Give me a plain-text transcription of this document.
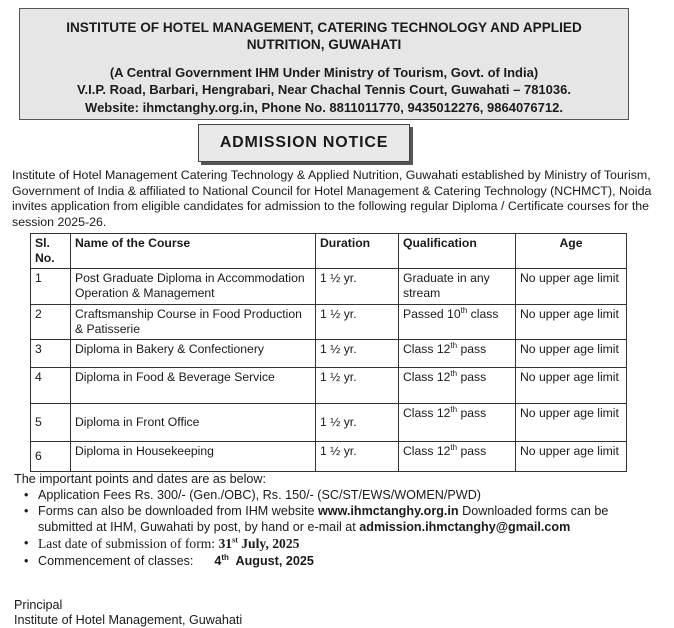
INSTITUTE OF HOTEL MANAGEMENT, CATERING TECHNOLOGY AND APPLIED NUTRITION, GUWAHATI
(A Central Government IHM Under Ministry of Tourism, Govt. of India)
V.I.P. Road, Barbari, Hengrabari, Near Chachal Tennis Court, Guwahati – 781036.
Website: ihmctanghy.org.in, Phone No. 8811011770, 9435012276, 9864076712.
ADMISSION NOTICE
Institute of Hotel Management Catering Technology & Applied Nutrition, Guwahati established by Ministry of Tourism, Government of India & affiliated to National Council for Hotel Management & Catering Technology (NCHMCT), Noida invites application from eligible candidates for admission to the following regular Diploma / Certificate courses for the session 2025-26.
Sl. No.	Name of the Course	Duration	Qualification	Age
1	Post Graduate Diploma in Accommodation Operation & Management	1 ½ yr.	Graduate in any stream	No upper age limit
2	Craftsmanship Course in Food Production & Patisserie	1 ½ yr.	Passed 10th class	No upper age limit
3	Diploma in Bakery & Confectionery	1 ½ yr.	Class 12th pass	No upper age limit
4	Diploma in Food & Beverage Service	1 ½ yr.	Class 12th pass	No upper age limit
5	Diploma in Front Office	1 ½ yr.	Class 12th pass	No upper age limit
6	Diploma in Housekeeping	1 ½ yr.	Class 12th pass	No upper age limit
The important points and dates are as below:
• Application Fees Rs. 300/- (Gen./OBC), Rs. 150/- (SC/ST/EWS/WOMEN/PWD)
• Forms can also be downloaded from IHM website www.ihmctanghy.org.in Downloaded forms can be submitted at IHM, Guwahati by post, by hand or e-mail at admission.ihmctanghy@gmail.com
• Last date of submission of form: 31st July, 2025
• Commencement of classes:      4th  August, 2025
Principal
Institute of Hotel Management, Guwahati
